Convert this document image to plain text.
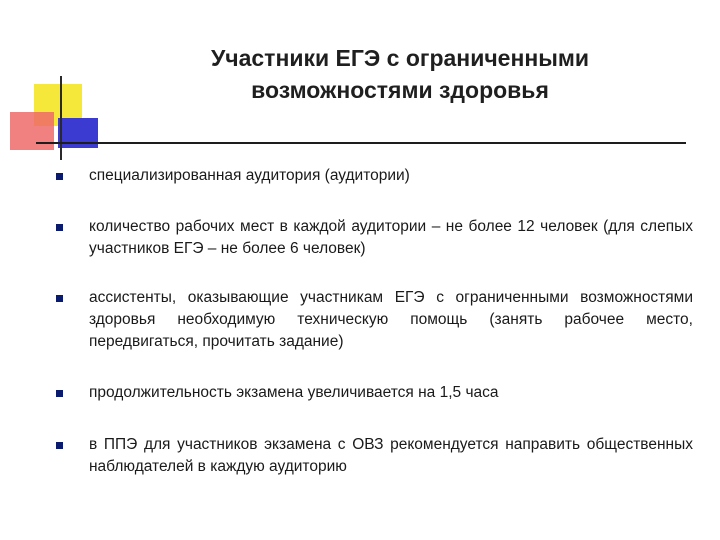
Участники ЕГЭ с ограниченными возможностями здоровья
специализированная аудитория (аудитории)
количество рабочих мест в каждой аудитории – не более 12 человек (для слепых участников ЕГЭ – не более 6 человек)
ассистенты, оказывающие участникам ЕГЭ с ограниченными возможностями здоровья необходимую техническую помощь (занять рабочее место, передвигаться, прочитать задание)
продолжительность экзамена увеличивается на 1,5 часа
в ППЭ для участников экзамена с ОВЗ рекомендуется направить общественных наблюдателей в каждую аудиторию
